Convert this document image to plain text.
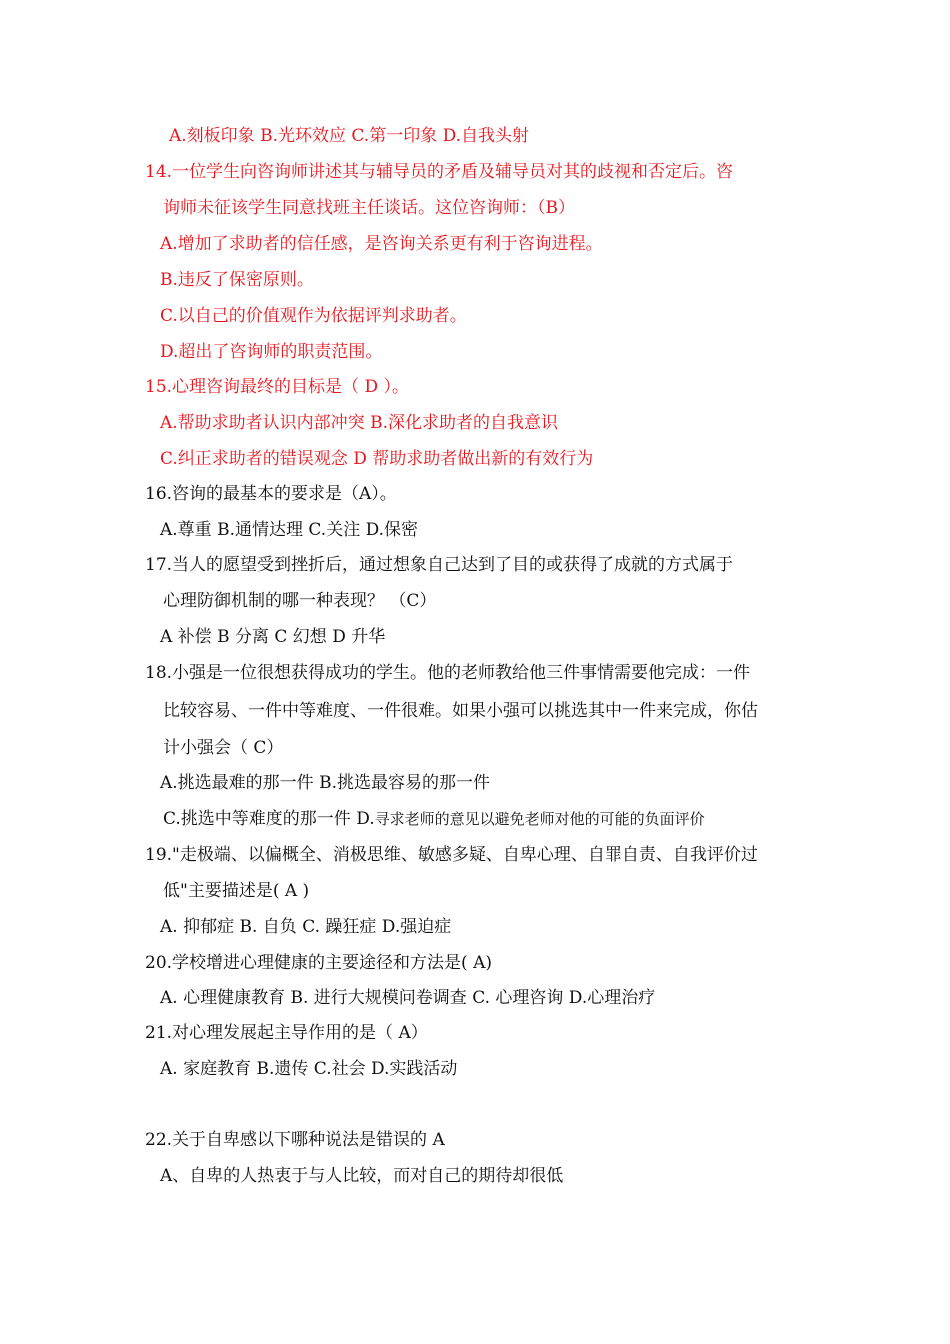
A.刻板印象 B.光环效应 C.第一印象 D.自我头射
14.一位学生向咨询师讲述其与辅导员的矛盾及辅导员对其的歧视和否定后。咨
询师未征该学生同意找班主任谈话。这位咨询师：（B）
A.增加了求助者的信任感，是咨询关系更有利于咨询进程。
B.违反了保密原则。
C.以自己的价值观作为依据评判求助者。
D.超出了咨询师的职责范围。
15.心理咨询最终的目标是（ D ）。
A.帮助求助者认识内部冲突 B.深化求助者的自我意识
C.纠正求助者的错误观念 D 帮助求助者做出新的有效行为
16.咨询的最基本的要求是（A）。
A.尊重 B.通情达理 C.关注 D.保密
17.当人的愿望受到挫折后，通过想象自己达到了目的或获得了成就的方式属于
心理防御机制的哪一种表现？ （C）
A 补偿 B 分离 C 幻想 D 升华
18.小强是一位很想获得成功的学生。他的老师教给他三件事情需要他完成：一件
比较容易、一件中等难度、一件很难。如果小强可以挑选其中一件来完成，你估
计小强会（ C）
A.挑选最难的那一件 B.挑选最容易的那一件
C.挑选中等难度的那一件 D.寻求老师的意见以避免老师对他的可能的负面评价
19."走极端、以偏概全、消极思维、敏感多疑、自卑心理、自罪自责、自我评价过
低"主要描述是( A )
A. 抑郁症 B. 自负 C. 躁狂症 D.强迫症
20.学校增进心理健康的主要途径和方法是( A)
A. 心理健康教育 B. 进行大规模问卷调查 C. 心理咨询 D.心理治疗
21.对心理发展起主导作用的是（ A）
A. 家庭教育 B.遗传 C.社会 D.实践活动
22.关于自卑感以下哪种说法是错误的 A
A、自卑的人热衷于与人比较，而对自己的期待却很低
